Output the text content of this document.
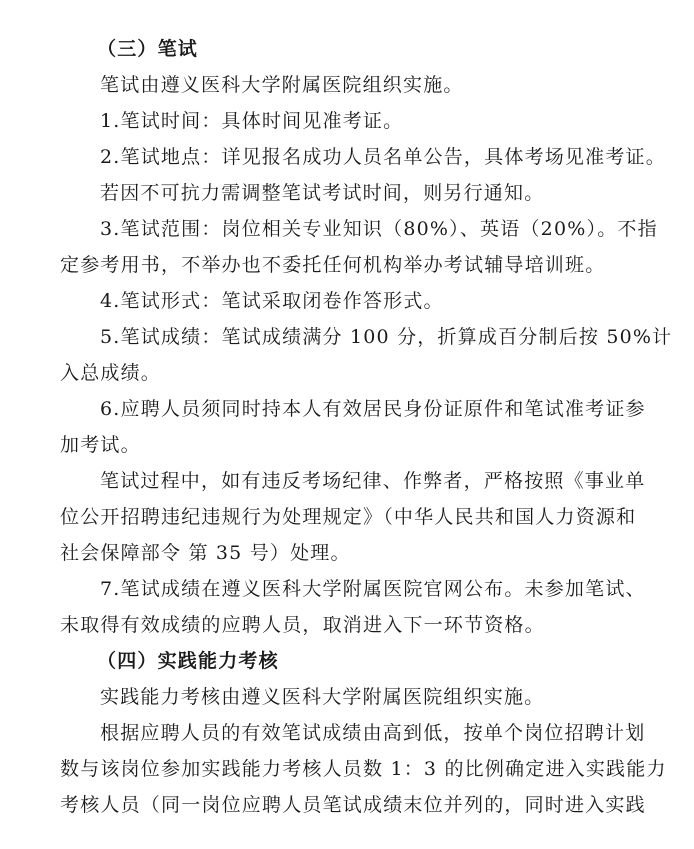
（三）笔试
笔试由遵义医科大学附属医院组织实施。
1.笔试时间：具体时间见准考证。
2.笔试地点：详见报名成功人员名单公告，具体考场见准考证。
若因不可抗力需调整笔试考试时间，则另行通知。
3.笔试范围：岗位相关专业知识（80%）、英语（20%）。不指
定参考用书，不举办也不委托任何机构举办考试辅导培训班。
4.笔试形式：笔试采取闭卷作答形式。
5.笔试成绩：笔试成绩满分 100 分，折算成百分制后按 50%计
入总成绩。
6.应聘人员须同时持本人有效居民身份证原件和笔试准考证参
加考试。
笔试过程中，如有违反考场纪律、作弊者，严格按照《事业单
位公开招聘违纪违规行为处理规定》（中华人民共和国人力资源和
社会保障部令 第 35 号）处理。
7.笔试成绩在遵义医科大学附属医院官网公布。未参加笔试、
未取得有效成绩的应聘人员，取消进入下一环节资格。
（四）实践能力考核
实践能力考核由遵义医科大学附属医院组织实施。
根据应聘人员的有效笔试成绩由高到低，按单个岗位招聘计划
数与该岗位参加实践能力考核人员数 1：3 的比例确定进入实践能力
考核人员（同一岗位应聘人员笔试成绩末位并列的，同时进入实践
